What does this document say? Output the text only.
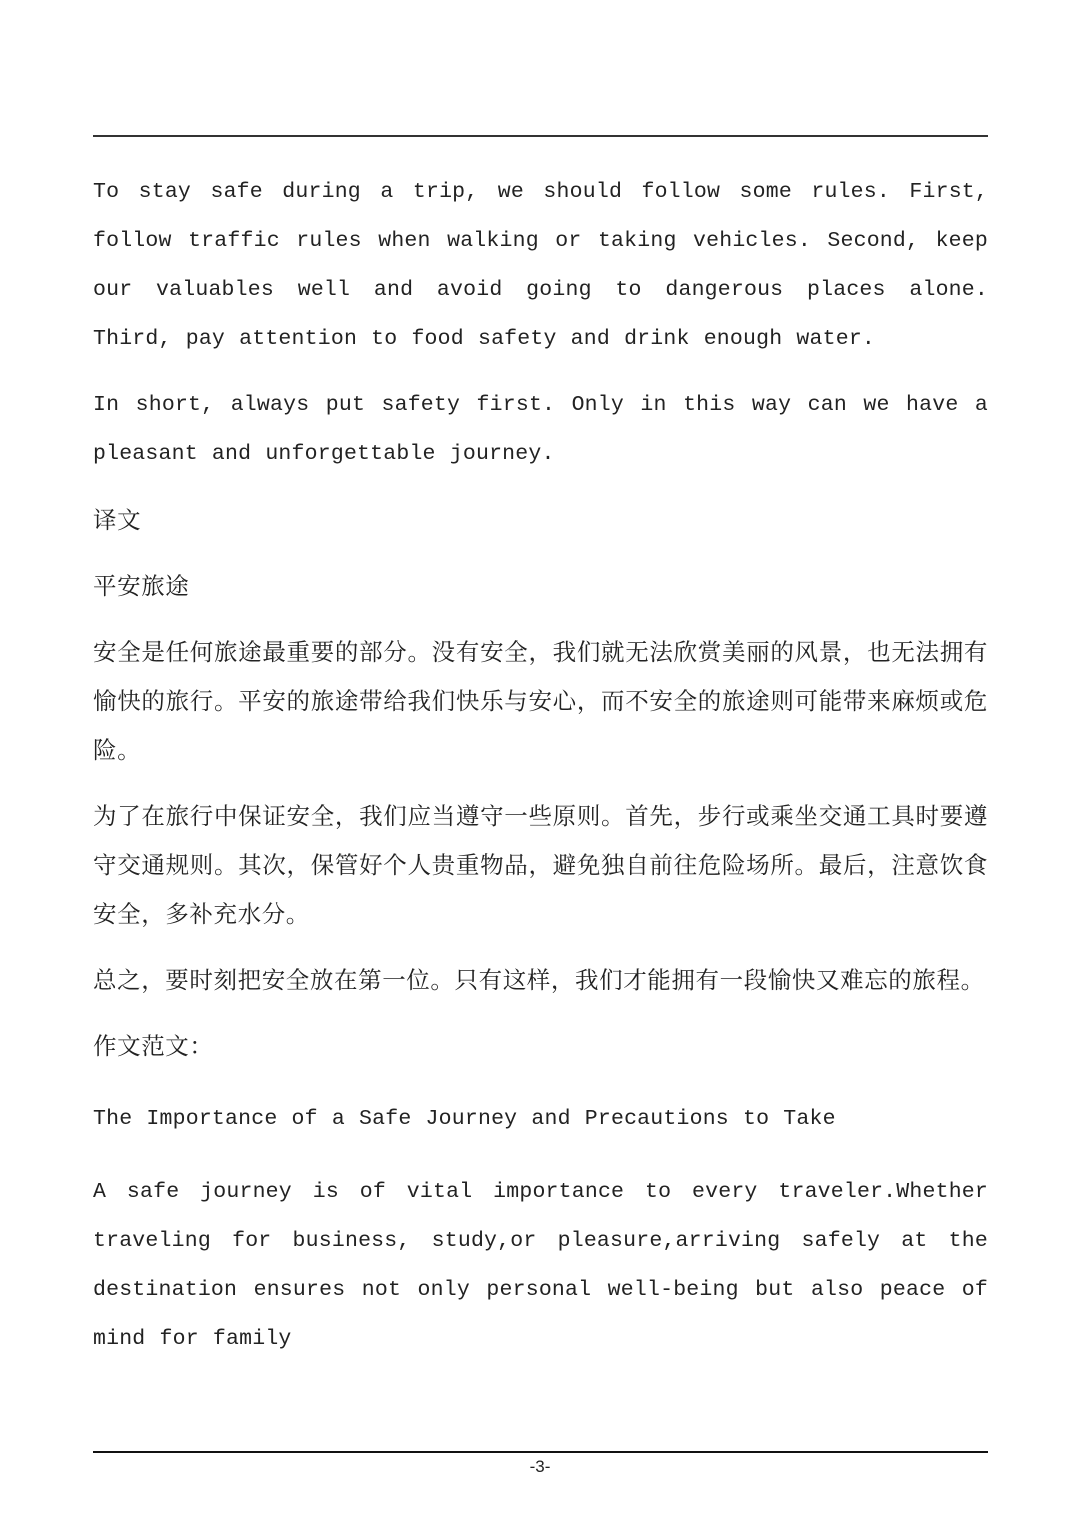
To stay safe during a trip, we should follow some rules. First, follow traffic rules when walking or taking vehicles. Second, keep our valuables well and avoid going to dangerous places alone. Third, pay attention to food safety and drink enough water.

In short, always put safety first. Only in this way can we have a pleasant and unforgettable journey.

译文

平安旅途

安全是任何旅途最重要的部分。没有安全，我们就无法欣赏美丽的风景，也无法拥有愉快的旅行。平安的旅途带给我们快乐与安心，而不安全的旅途则可能带来麻烦或危险。

为了在旅行中保证安全，我们应当遵守一些原则。首先，步行或乘坐交通工具时要遵守交通规则。其次，保管好个人贵重物品，避免独自前往危险场所。最后，注意饮食安全，多补充水分。

总之，要时刻把安全放在第一位。只有这样，我们才能拥有一段愉快又难忘的旅程。

作文范文：

The Importance of a Safe Journey and Precautions to Take

A safe journey is of vital importance to every traveler.Whether traveling for business, study,or pleasure,arriving safely at the destination ensures not only personal well-being but also peace of mind for family

-3-
